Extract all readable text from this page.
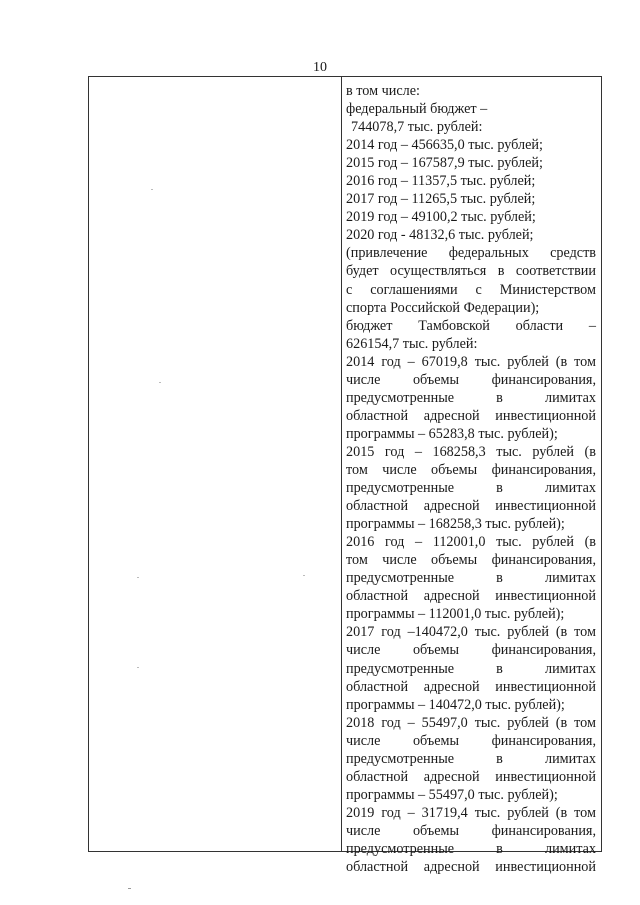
10
в том числе:
федеральный бюджет –
744078,7 тыс. рублей:
2014 год – 456635,0 тыс. рублей;
2015 год – 167587,9 тыс. рублей;
2016 год – 11357,5 тыс. рублей;
2017 год – 11265,5 тыс. рублей;
2019 год – 49100,2 тыс. рублей;
2020 год - 48132,6 тыс. рублей;
(привлечение федеральных средств
будет осуществляться в соответствии
с соглашениями с Министерством
спорта Российской Федерации);
бюджет Тамбовской области –
626154,7 тыс. рублей:
2014 год – 67019,8 тыс. рублей (в том
числе объемы финансирования,
предусмотренные в лимитах
областной адресной инвестиционной
программы – 65283,8 тыс. рублей);
2015 год – 168258,3 тыс. рублей (в
том числе объемы финансирования,
предусмотренные в лимитах
областной адресной инвестиционной
программы – 168258,3 тыс. рублей);
2016 год – 112001,0 тыс. рублей (в
том числе объемы финансирования,
предусмотренные в лимитах
областной адресной инвестиционной
программы – 112001,0 тыс. рублей);
2017 год –140472,0 тыс. рублей (в том
числе объемы финансирования,
предусмотренные в лимитах
областной адресной инвестиционной
программы – 140472,0 тыс. рублей);
2018 год – 55497,0 тыс. рублей (в том
числе объемы финансирования,
предусмотренные в лимитах
областной адресной инвестиционной
программы – 55497,0 тыс. рублей);
2019 год – 31719,4 тыс. рублей (в том
числе объемы финансирования,
предусмотренные в лимитах
областной адресной инвестиционной
